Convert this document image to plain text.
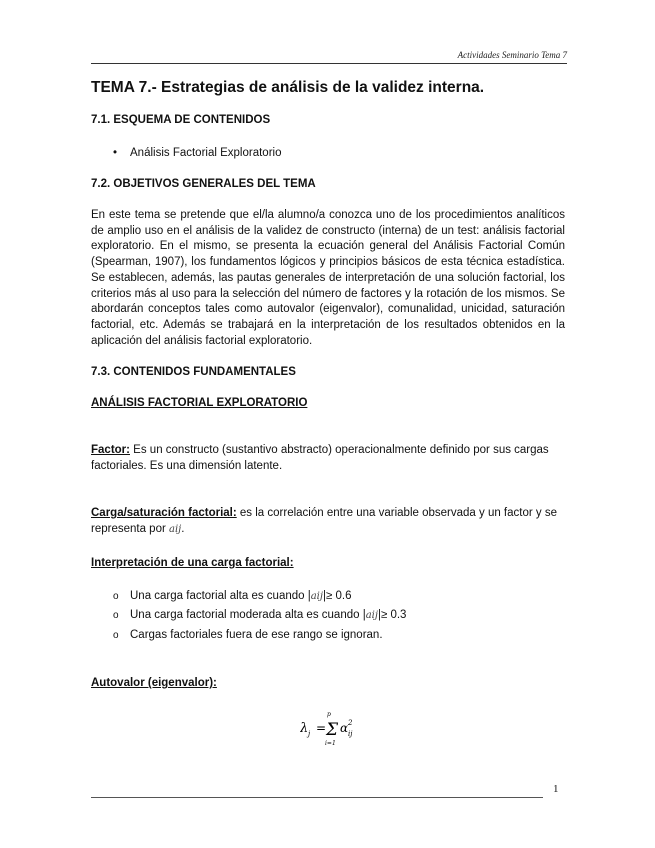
Actividades Seminario Tema 7
TEMA 7.- Estrategias de análisis de la validez interna.
7.1. ESQUEMA DE CONTENIDOS
• Análisis Factorial Exploratorio
7.2. OBJETIVOS GENERALES DEL TEMA

En este tema se pretende que el/la alumno/a conozca uno de los procedimientos analíticos de amplio uso en el análisis de la validez de constructo (interna) de un test: análisis factorial exploratorio. En el mismo, se presenta la ecuación general del Análisis Factorial Común (Spearman, 1907), los fundamentos lógicos y principios básicos de esta técnica estadística. Se establecen, además, las pautas generales de interpretación de una solución factorial, los criterios más al uso para la selección del número de factores y la rotación de los mismos. Se abordarán conceptos tales como autovalor (eigenvalor), comunalidad, unicidad, saturación factorial, etc. Además se trabajará en la interpretación de los resultados obtenidos en la aplicación del análisis factorial exploratorio.

7.3. CONTENIDOS FUNDAMENTALES
ANÁLISIS FACTORIAL EXPLORATORIO

Factor: Es un constructo (sustantivo abstracto) operacionalmente definido por sus cargas factoriales. Es una dimensión latente.

Carga/saturación factorial: es la correlación entre una variable observada y un factor y se representa por aij.

Interpretación de una carga factorial:
o Una carga factorial alta es cuando |aij|≥ 0.6
o Una carga factorial moderada alta es cuando |aij|≥ 0.3
o Cargas factoriales fuera de ese rango se ignoran.
Autovalor (eigenvalor):
λ j =
p
Σ
i=1
α 2
ij
1
